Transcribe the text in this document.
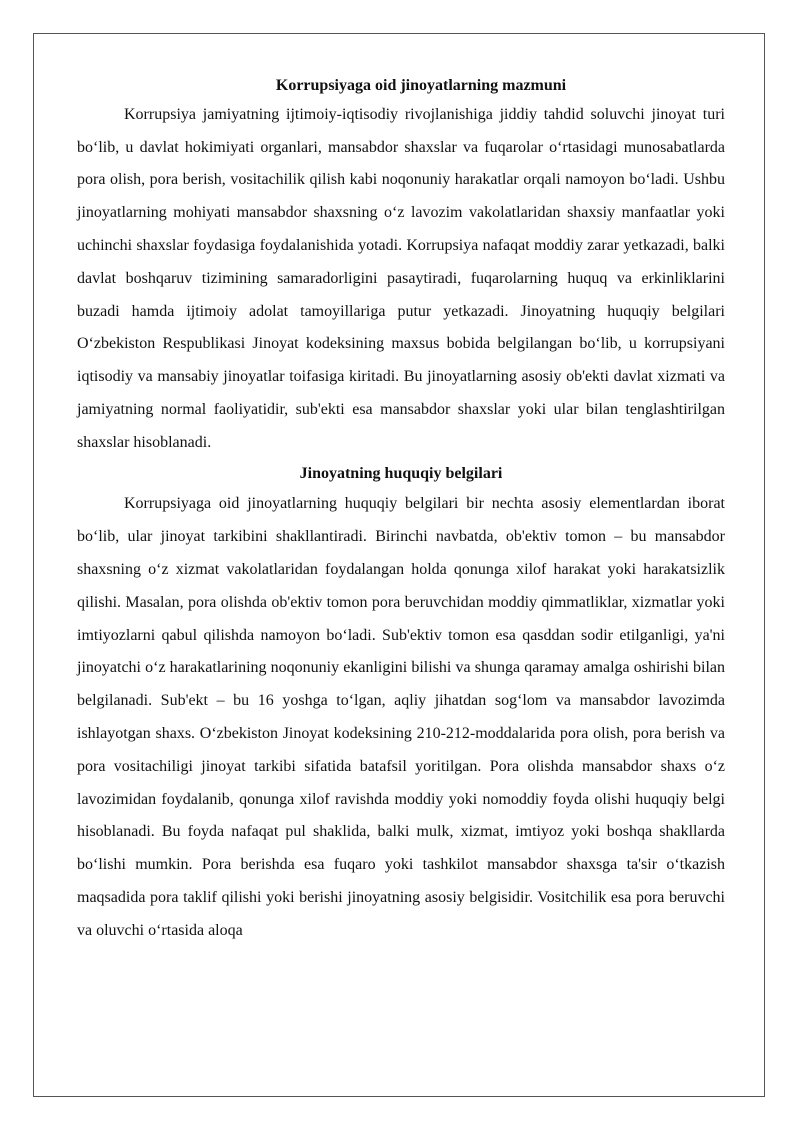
Korrupsiyaga oid jinoyatlarning mazmuni

Korrupsiya jamiyatning ijtimoiy-iqtisodiy rivojlanishiga jiddiy tahdid soluvchi jinoyat turi bo‘lib, u davlat hokimiyati organlari, mansabdor shaxslar va fuqarolar o‘rtasidagi munosabatlarda pora olish, pora berish, vositachilik qilish kabi noqonuniy harakatlar orqali namoyon bo‘ladi. Ushbu jinoyatlarning mohiyati mansabdor shaxsning o‘z lavozim vakolatlaridan shaxsiy manfaatlar yoki uchinchi shaxslar foydasiga foydalanishida yotadi. Korrupsiya nafaqat moddiy zarar yetkazadi, balki davlat boshqaruv tizimining samaradorligini pasaytiradi, fuqarolarning huquq va erkinliklarini buzadi hamda ijtimoiy adolat tamoyillariga putur yetkazadi. Jinoyatning huquqiy belgilari O‘zbekiston Respublikasi Jinoyat kodeksining maxsus bobida belgilangan bo‘lib, u korrupsiyani iqtisodiy va mansabiy jinoyatlar toifasiga kiritadi. Bu jinoyatlarning asosiy ob'ekti davlat xizmati va jamiyatning normal faoliyatidir, sub'ekti esa mansabdor shaxslar yoki ular bilan tenglashtirilgan shaxslar hisoblanadi.

Jinoyatning huquqiy belgilari

Korrupsiyaga oid jinoyatlarning huquqiy belgilari bir nechta asosiy elementlardan iborat bo‘lib, ular jinoyat tarkibini shakllantiradi. Birinchi navbatda, ob'ektiv tomon – bu mansabdor shaxsning o‘z xizmat vakolatlaridan foydalangan holda qonunga xilof harakat yoki harakatsizlik qilishi. Masalan, pora olishda ob'ektiv tomon pora beruvchidan moddiy qimmatliklar, xizmatlar yoki imtiyozlarni qabul qilishda namoyon bo‘ladi. Sub'ektiv tomon esa qasddan sodir etilganligi, ya'ni jinoyatchi o‘z harakatlarining noqonuniy ekanligini bilishi va shunga qaramay amalga oshirishi bilan belgilanadi. Sub'ekt – bu 16 yoshga to‘lgan, aqliy jihatdan sog‘lom va mansabdor lavozimda ishlayotgan shaxs. O‘zbekiston Jinoyat kodeksining 210-212-moddalarida pora olish, pora berish va pora vositachiligi jinoyat tarkibi sifatida batafsil yoritilgan. Pora olishda mansabdor shaxs o‘z lavozimidan foydalanib, qonunga xilof ravishda moddiy yoki nomoddiy foyda olishi huquqiy belgi hisoblanadi. Bu foyda nafaqat pul shaklida, balki mulk, xizmat, imtiyoz yoki boshqa shakllarda bo‘lishi mumkin. Pora berishda esa fuqaro yoki tashkilot mansabdor shaxsga ta'sir o‘tkazish maqsadida pora taklif qilishi yoki berishi jinoyatning asosiy belgisidir. Vositchilik esa pora beruvchi va oluvchi o‘rtasida aloqa
